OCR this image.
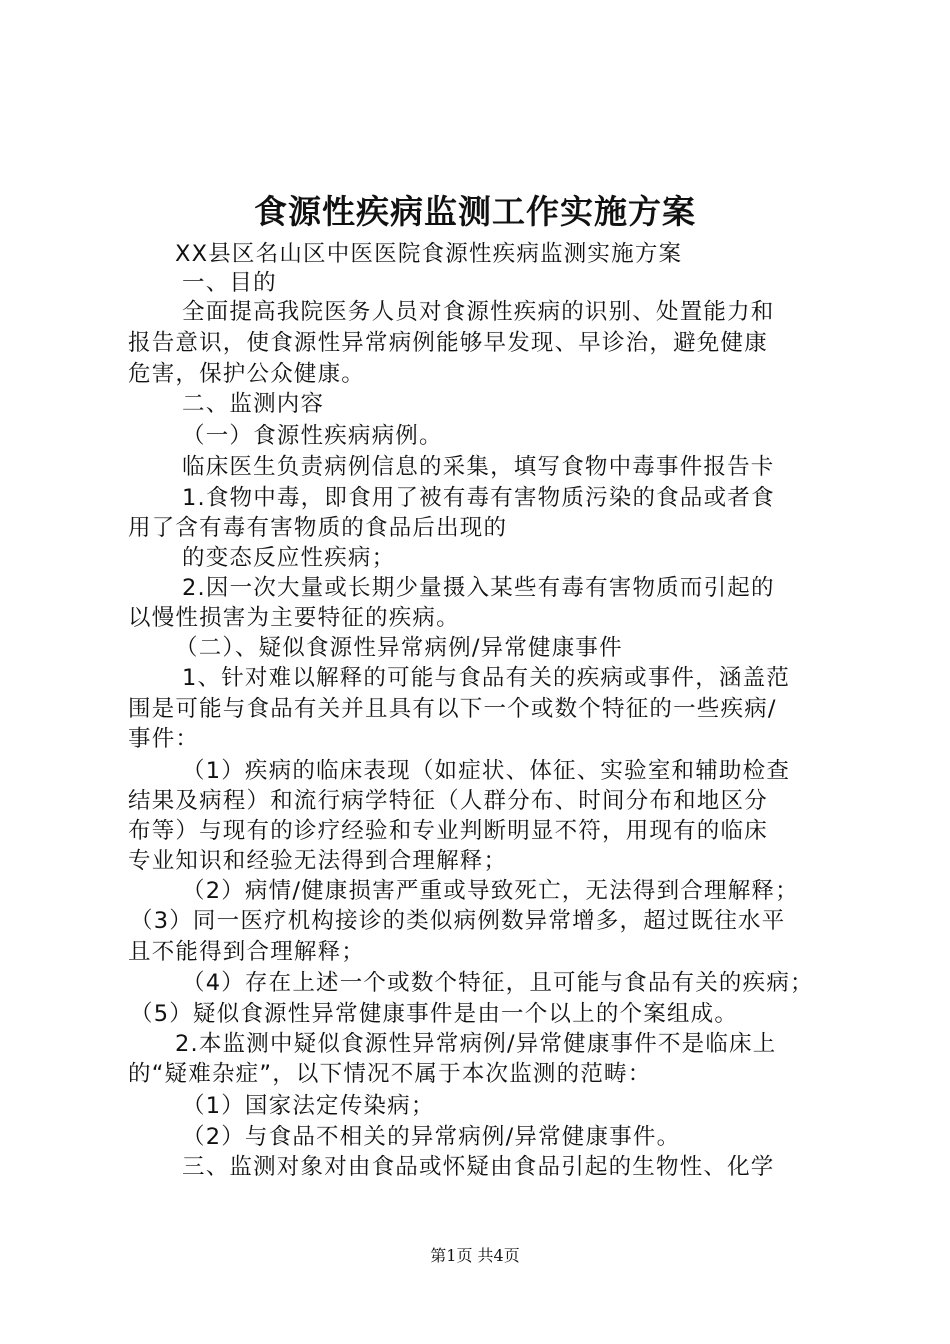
食源性疾病监测工作实施方案
XX县区名山区中医医院食源性疾病监测实施方案
一、目的
全面提高我院医务人员对食源性疾病的识别、处置能力和
报告意识，使食源性异常病例能够早发现、早诊治，避免健康
危害，保护公众健康。
二、监测内容
（一）食源性疾病病例。
临床医生负责病例信息的采集，填写食物中毒事件报告卡
1.食物中毒，即食用了被有毒有害物质污染的食品或者食
用了含有毒有害物质的食品后出现的
的变态反应性疾病；
2.因一次大量或长期少量摄入某些有毒有害物质而引起的
以慢性损害为主要特征的疾病。
（二）、疑似食源性异常病例/异常健康事件
1、针对难以解释的可能与食品有关的疾病或事件，涵盖范
围是可能与食品有关并且具有以下一个或数个特征的一些疾病/
事件：
（1）疾病的临床表现（如症状、体征、实验室和辅助检查
结果及病程）和流行病学特征（人群分布、时间分布和地区分
布等）与现有的诊疗经验和专业判断明显不符，用现有的临床
专业知识和经验无法得到合理解释；
（2）病情/健康损害严重或导致死亡，无法得到合理解释；
（3）同一医疗机构接诊的类似病例数异常增多，超过既往水平
且不能得到合理解释；
（4）存在上述一个或数个特征，且可能与食品有关的疾病；
（5）疑似食源性异常健康事件是由一个以上的个案组成。
2.本监测中疑似食源性异常病例/异常健康事件不是临床上
的“疑难杂症”，以下情况不属于本次监测的范畴：
（1）国家法定传染病；
（2）与食品不相关的异常病例/异常健康事件。
三、监测对象对由食品或怀疑由食品引起的生物性、化学
第1页 共4页
